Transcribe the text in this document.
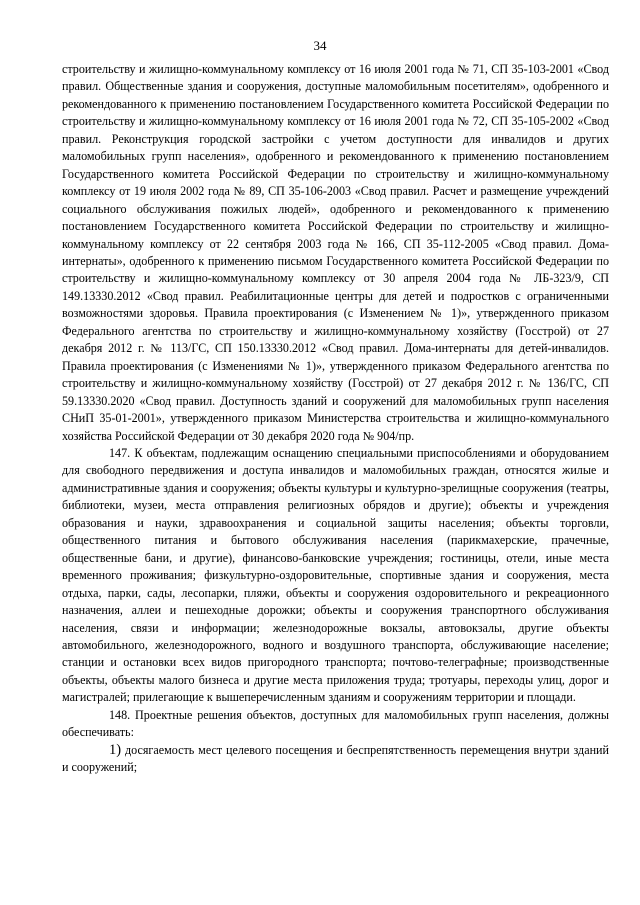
34

строительству и жилищно-коммунальному комплексу от 16 июля 2001 года № 71, СП 35-103-2001 «Свод правил. Общественные здания и сооружения, доступные маломобильным посетителям», одобренного и рекомендованного к применению постановлением Государственного комитета Российской Федерации по строительству и жилищно-коммунальному комплексу от 16 июля 2001 года № 72, СП 35-105-2002 «Свод правил. Реконструкция городской застройки с учетом доступности для инвалидов и других маломобильных групп населения», одобренного и рекомендованного к применению постановлением Государственного комитета Российской Федерации по строительству и жилищно-коммунальному комплексу от 19 июля 2002 года № 89, СП 35-106-2003 «Свод правил. Расчет и размещение учреждений социального обслуживания пожилых людей», одобренного и рекомендованного к применению постановлением Государственного комитета Российской Федерации по строительству и жилищно-коммунальному комплексу от 22 сентября 2003 года № 166, СП 35-112-2005 «Свод правил. Дома-интернаты», одобренного к применению письмом Государственного комитета Российской Федерации по строительству и жилищно-коммунальному комплексу от 30 апреля 2004 года № ЛБ-323/9, СП 149.13330.2012 «Свод правил. Реабилитационные центры для детей и подростков с ограниченными возможностями здоровья. Правила проектирования (с Изменением № 1)», утвержденного приказом Федерального агентства по строительству и жилищно-коммунальному хозяйству (Госстрой) от 27 декабря 2012 г. № 113/ГС, СП 150.13330.2012 «Свод правил. Дома-интернаты для детей-инвалидов. Правила проектирования (с Изменениями № 1)», утвержденного приказом Федерального агентства по строительству и жилищно-коммунальному хозяйству (Госстрой) от 27 декабря 2012 г. № 136/ГС, СП 59.13330.2020 «Свод правил. Доступность зданий и сооружений для маломобильных групп населения СНиП 35-01-2001», утвержденного приказом Министерства строительства и жилищно-коммунального хозяйства Российской Федерации от 30 декабря 2020 года № 904/пр.

147. К объектам, подлежащим оснащению специальными приспособлениями и оборудованием для свободного передвижения и доступа инвалидов и маломобильных граждан, относятся жилые и административные здания и сооружения; объекты культуры и культурно-зрелищные сооружения (театры, библиотеки, музеи, места отправления религиозных обрядов и другие); объекты и учреждения образования и науки, здравоохранения и социальной защиты населения; объекты торговли, общественного питания и бытового обслуживания населения (парикмахерские, прачечные, общественные бани, и другие), финансово-банковские учреждения; гостиницы, отели, иные места временного проживания; физкультурно-оздоровительные, спортивные здания и сооружения, места отдыха, парки, сады, лесопарки, пляжи, объекты и сооружения оздоровительного и рекреационного назначения, аллеи и пешеходные дорожки; объекты и сооружения транспортного обслуживания населения, связи и информации; железнодорожные вокзалы, автовокзалы, другие объекты автомобильного, железнодорожного, водного и воздушного транспорта, обслуживающие население; станции и остановки всех видов пригородного транспорта; почтово-телеграфные; производственные объекты, объекты малого бизнеса и другие места приложения труда; тротуары, переходы улиц, дорог и магистралей; прилегающие к вышеперечисленным зданиям и сооружениям территории и площади.

148. Проектные решения объектов, доступных для маломобильных групп населения, должны обеспечивать:

1) досягаемость мест целевого посещения и беспрепятственность перемещения внутри зданий и сооружений;
